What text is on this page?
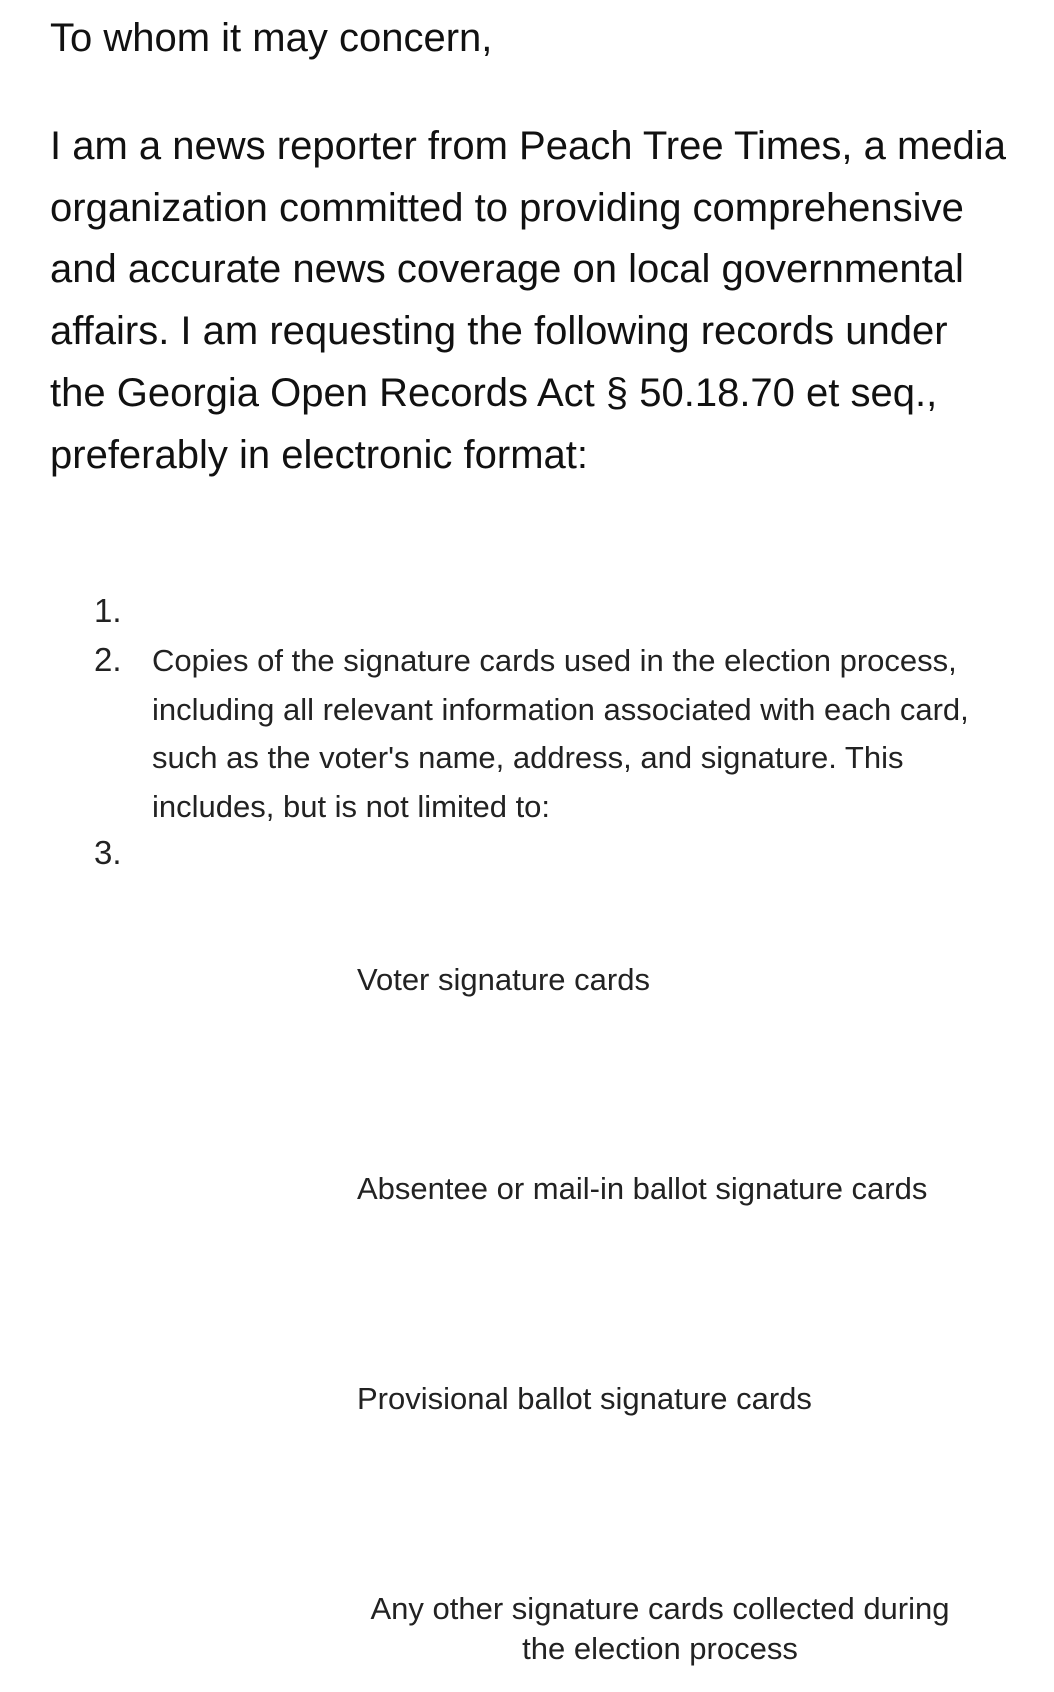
To whom it may concern,

I am a news reporter from Peach Tree Times, a media organization committed to providing comprehensive and accurate news coverage on local governmental affairs. I am requesting the following records under the Georgia Open Records Act § 50.18.70 et seq., preferably in electronic format:

1.
2. Copies of the signature cards used in the election process, including all relevant information associated with each card, such as the voter's name, address, and signature. This includes, but is not limited to:

3.
Voter signature cards
Absentee or mail-in ballot signature cards
Provisional ballot signature cards
Any other signature cards collected during
the election process
